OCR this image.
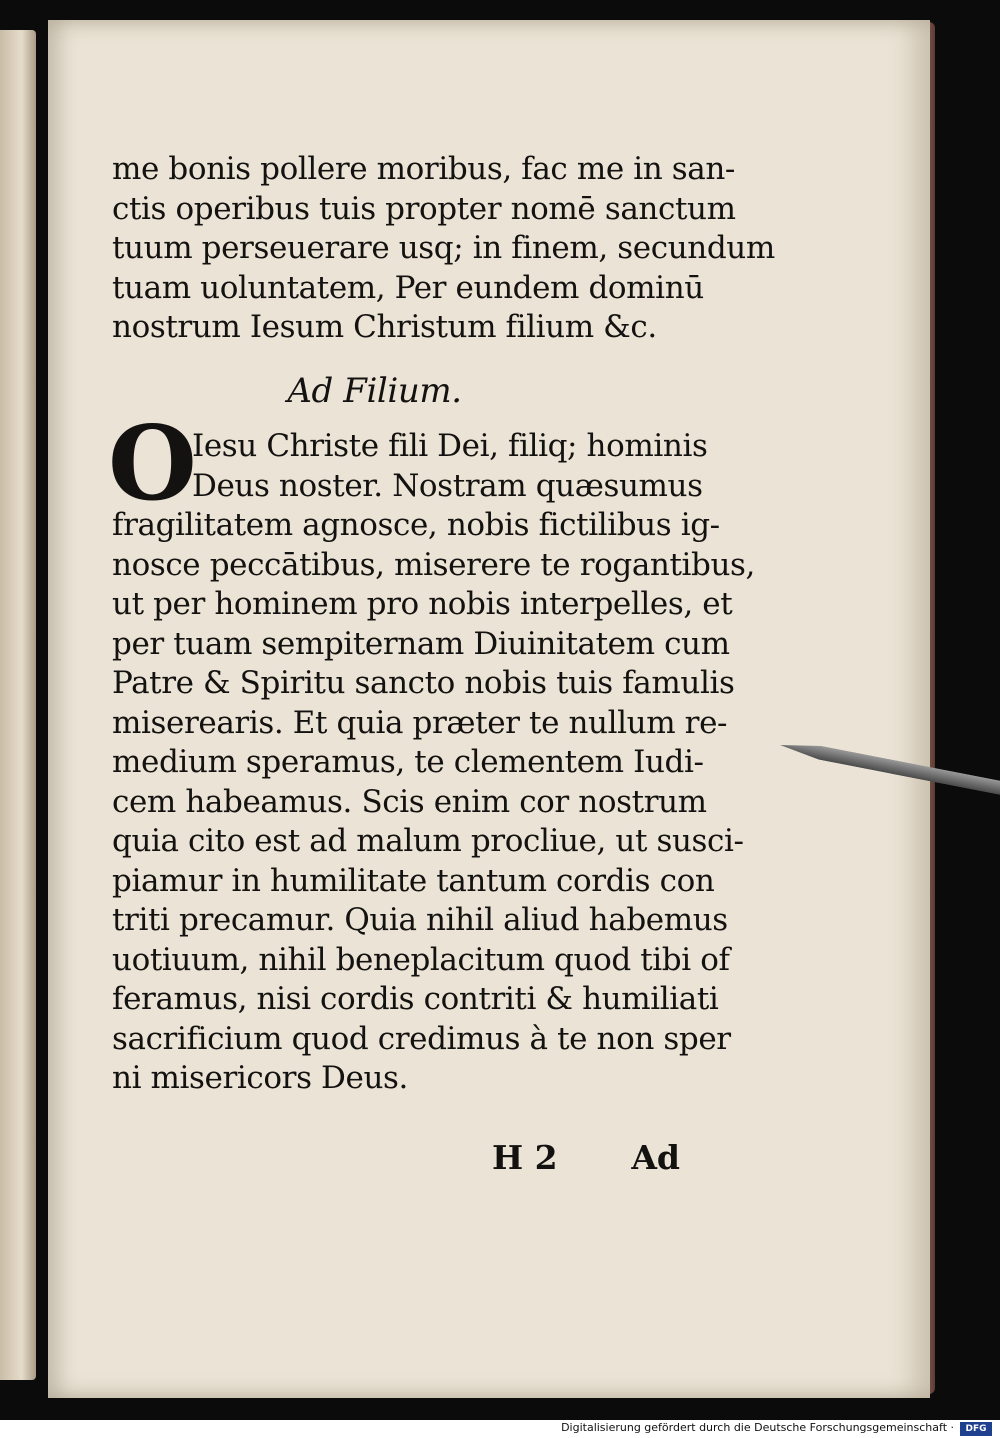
me bonis pollere moribus, fac me in san-
ctis operibus tuis propter nomē sanctum
tuum perseuerare usq; in finem, secundum
tuam uoluntatem, Per eundem dominū
nostrum Iesum Christum filium &c.
Ad Filium.
O
Iesu Christe fili Dei, filiq; hominis
Deus noster. Nostram quæsumus
fragilitatem agnosce, nobis fictilibus ig-
nosce peccātibus, miserere te rogantibus,
ut per hominem pro nobis interpelles, et
per tuam sempiternam Diuinitatem cum
Patre & Spiritu sancto nobis tuis famulis
miserearis. Et quia præter te nullum re-
medium speramus, te clementem Iudi-
cem habeamus. Scis enim cor nostrum
quia cito est ad malum procliue, ut susci-
piamur in humilitate tantum cordis con
triti precamur. Quia nihil aliud habemus
uotiuum, nihil beneplacitum quod tibi of
feramus, nisi cordis contriti & humiliati
sacrificium quod credimus à te non sper
ni misericors Deus.
H 2 Ad
Digitalisierung gefördert durch die Deutsche Forschungsgemeinschaft ·	DFG
